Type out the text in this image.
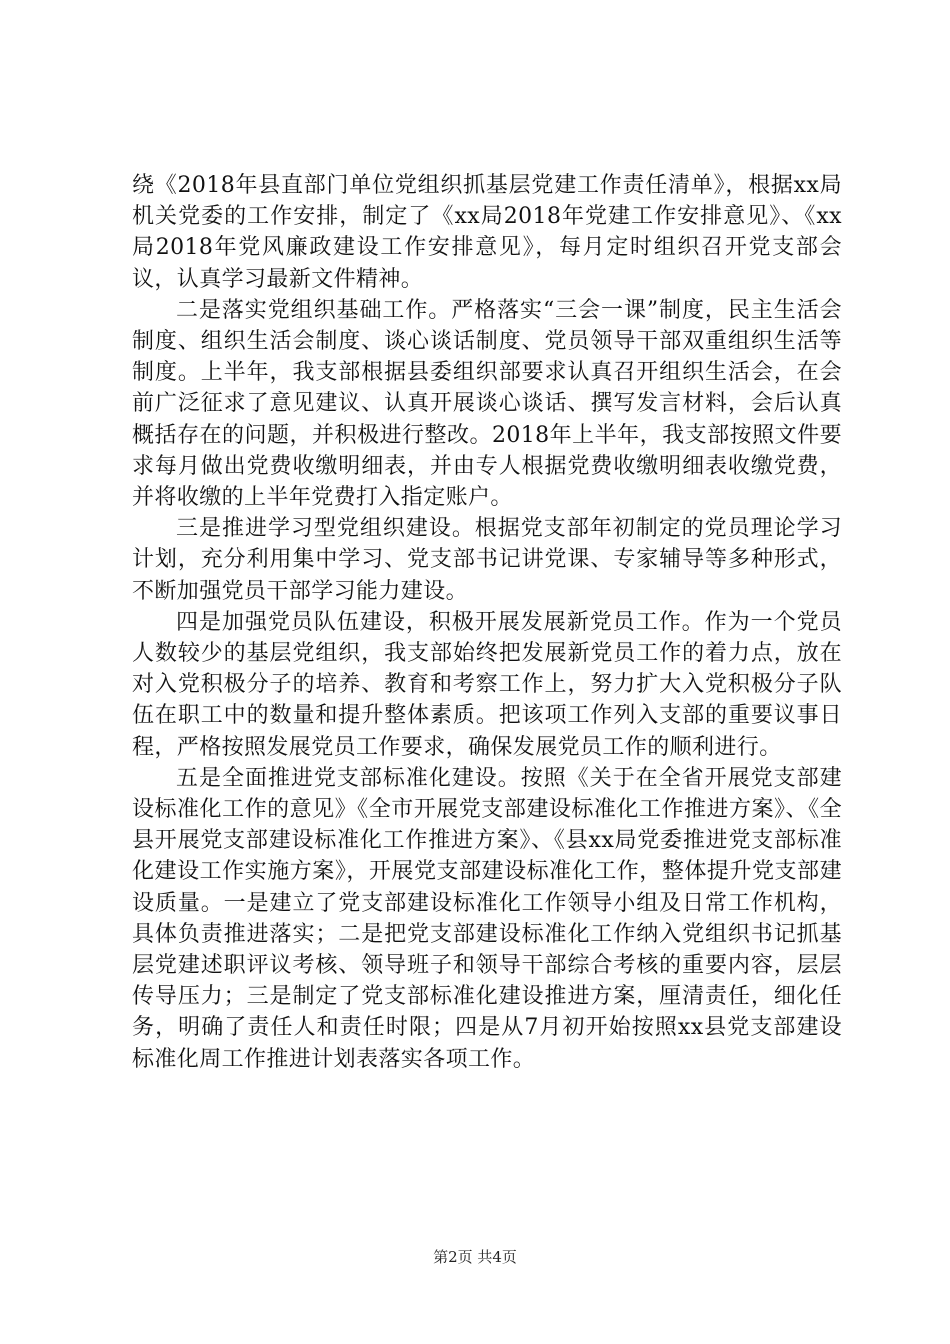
绕《2018年县直部门单位党组织抓基层党建工作责任清单》，根据xx局机关党委的工作安排，制定了《xx局2018年党建工作安排意见》、《xx局2018年党风廉政建设工作安排意见》，每月定时组织召开党支部会议，认真学习最新文件精神。

二是落实党组织基础工作。严格落实“三会一课”制度，民主生活会制度、组织生活会制度、谈心谈话制度、党员领导干部双重组织生活等制度。上半年，我支部根据县委组织部要求认真召开组织生活会，在会前广泛征求了意见建议、认真开展谈心谈话、撰写发言材料，会后认真概括存在的问题，并积极进行整改。2018年上半年，我支部按照文件要求每月做出党费收缴明细表，并由专人根据党费收缴明细表收缴党费，并将收缴的上半年党费打入指定账户。

三是推进学习型党组织建设。根据党支部年初制定的党员理论学习计划，充分利用集中学习、党支部书记讲党课、专家辅导等多种形式，不断加强党员干部学习能力建设。

四是加强党员队伍建设，积极开展发展新党员工作。作为一个党员人数较少的基层党组织，我支部始终把发展新党员工作的着力点，放在对入党积极分子的培养、教育和考察工作上，努力扩大入党积极分子队伍在职工中的数量和提升整体素质。把该项工作列入支部的重要议事日程，严格按照发展党员工作要求，确保发展党员工作的顺利进行。

五是全面推进党支部标准化建设。按照《关于在全省开展党支部建设标准化工作的意见》《全市开展党支部建设标准化工作推进方案》、《全县开展党支部建设标准化工作推进方案》、《县xx局党委推进党支部标准化建设工作实施方案》，开展党支部建设标准化工作，整体提升党支部建设质量。一是建立了党支部建设标准化工作领导小组及日常工作机构，具体负责推进落实；二是把党支部建设标准化工作纳入党组织书记抓基层党建述职评议考核、领导班子和领导干部综合考核的重要内容，层层传导压力；三是制定了党支部标准化建设推进方案，厘清责任，细化任务，明确了责任人和责任时限；四是从7月初开始按照xx县党支部建设标准化周工作推进计划表落实各项工作。

第2页 共4页
